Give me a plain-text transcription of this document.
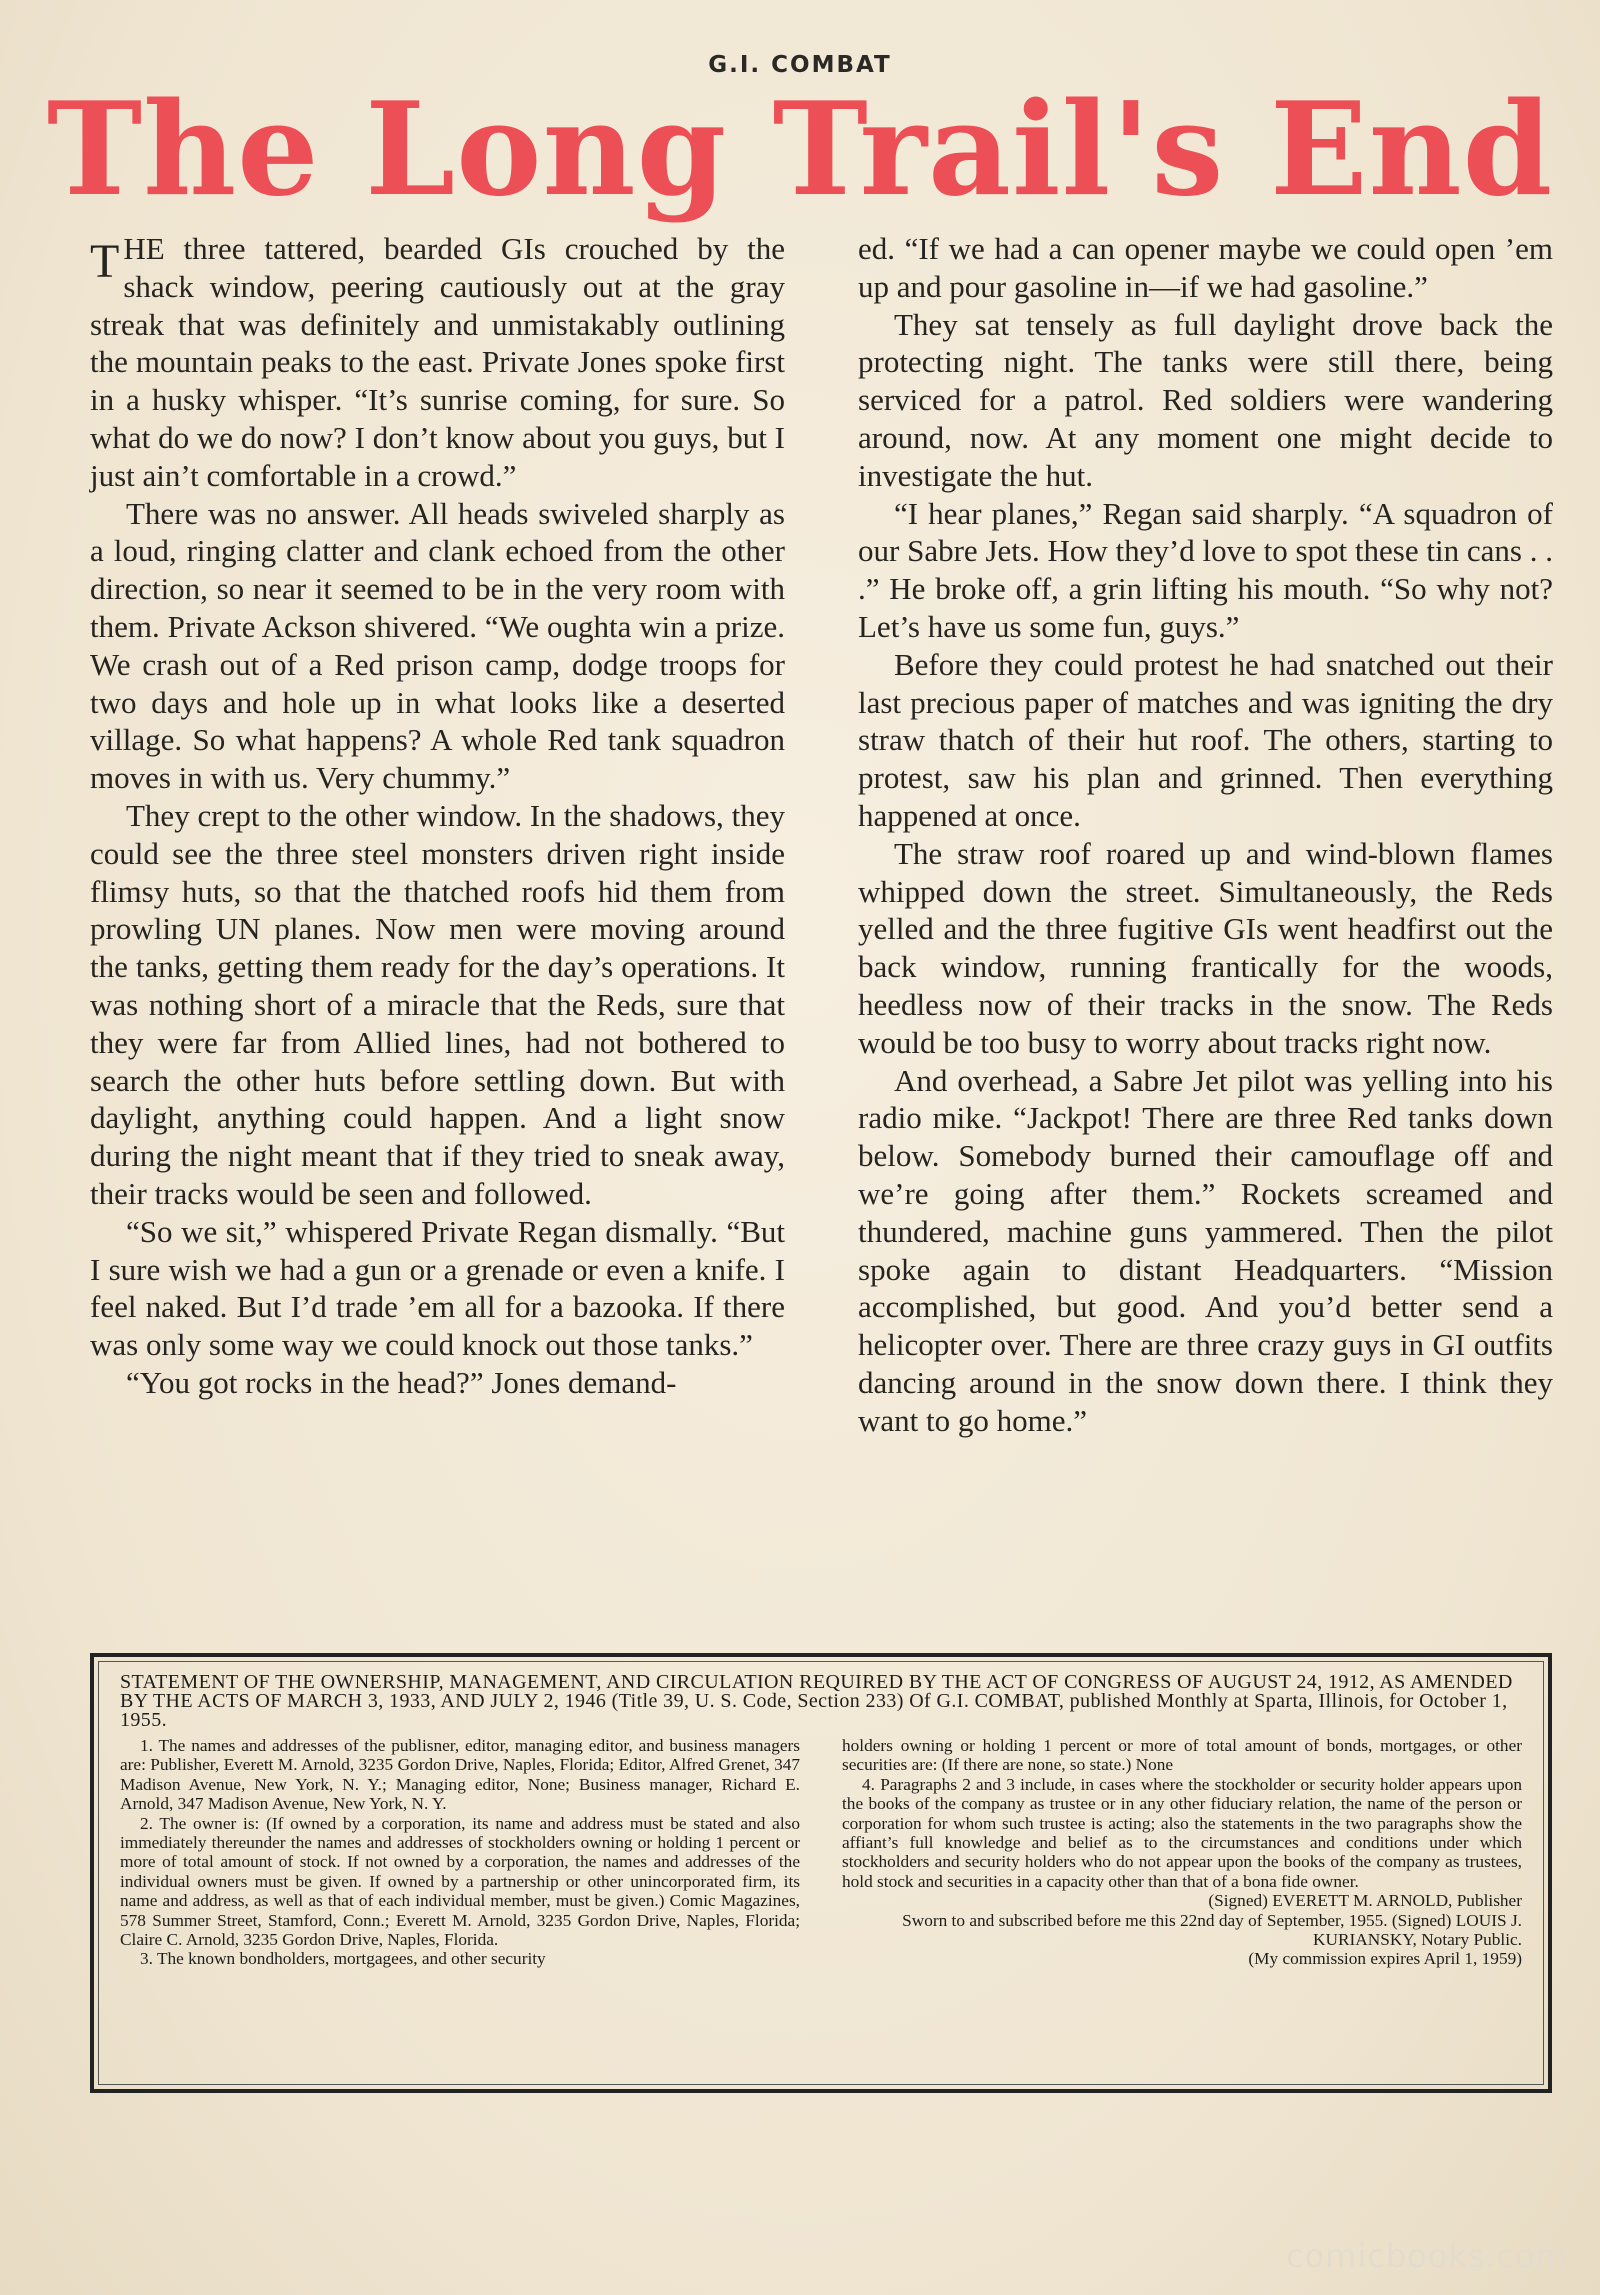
G.I. COMBAT
The Long Trail's End

THE three tattered, bearded GIs crouched by the shack window, peering cautiously out at the gray streak that was definitely and unmistakably outlining the mountain peaks to the east. Private Jones spoke first in a husky whisper. “It’s sunrise coming, for sure. So what do we do now? I don’t know about you guys, but I just ain’t comfortable in a crowd.”

There was no answer. All heads swiveled sharply as a loud, ringing clatter and clank echoed from the other direction, so near it seemed to be in the very room with them. Private Ackson shivered. “We oughta win a prize. We crash out of a Red prison camp, dodge troops for two days and hole up in what looks like a deserted village. So what happens? A whole Red tank squadron moves in with us. Very chummy.”

They crept to the other window. In the shadows, they could see the three steel monsters driven right inside flimsy huts, so that the thatched roofs hid them from prowling UN planes. Now men were moving around the tanks, getting them ready for the day’s operations. It was nothing short of a miracle that the Reds, sure that they were far from Allied lines, had not bothered to search the other huts before settling down. But with daylight, anything could happen. And a light snow during the night meant that if they tried to sneak away, their tracks would be seen and followed.

“So we sit,” whispered Private Regan dismally. “But I sure wish we had a gun or a grenade or even a knife. I feel naked. But I’d trade ’em all for a bazooka. If there was only some way we could knock out those tanks.”

“You got rocks in the head?” Jones demand-

ed. “If we had a can opener maybe we could open ’em up and pour gasoline in—if we had gasoline.”

They sat tensely as full daylight drove back the protecting night. The tanks were still there, being serviced for a patrol. Red soldiers were wandering around, now. At any moment one might decide to investigate the hut.

“I hear planes,” Regan said sharply. “A squadron of our Sabre Jets. How they’d love to spot these tin cans . . .” He broke off, a grin lifting his mouth. “So why not? Let’s have us some fun, guys.”

Before they could protest he had snatched out their last precious paper of matches and was igniting the dry straw thatch of their hut roof. The others, starting to protest, saw his plan and grinned. Then everything happened at once.

The straw roof roared up and wind-blown flames whipped down the street. Simultaneously, the Reds yelled and the three fugitive GIs went headfirst out the back window, running frantically for the woods, heedless now of their tracks in the snow. The Reds would be too busy to worry about tracks right now.

And overhead, a Sabre Jet pilot was yelling into his radio mike. “Jackpot! There are three Red tanks down below. Somebody burned their camouflage off and we’re going after them.” Rockets screamed and thundered, machine guns yammered. Then the pilot spoke again to distant Headquarters. “Mission accomplished, but good. And you’d better send a helicopter over. There are three crazy guys in GI outfits dancing around in the snow down there. I think they want to go home.”

STATEMENT OF THE OWNERSHIP, MANAGEMENT, AND CIRCULATION REQUIRED BY THE ACT OF CONGRESS OF AUGUST 24, 1912, AS AMENDED BY THE ACTS OF MARCH 3, 1933, AND JULY 2, 1946 (Title 39, U. S. Code, Section 233) Of G.I. COMBAT, published Monthly at Sparta, Illinois, for October 1, 1955.

1. The names and addresses of the publisner, editor, managing editor, and business managers are: Publisher, Everett M. Arnold, 3235 Gordon Drive, Naples, Florida; Editor, Alfred Grenet, 347 Madison Avenue, New York, N. Y.; Managing editor, None; Business manager, Richard E. Arnold, 347 Madison Avenue, New York, N. Y.

2. The owner is: (If owned by a corporation, its name and address must be stated and also immediately thereunder the names and addresses of stockholders owning or holding 1 percent or more of total amount of stock. If not owned by a corporation, the names and addresses of the individual owners must be given. If owned by a partnership or other unincorporated firm, its name and address, as well as that of each individual member, must be given.) Comic Magazines, 578 Summer Street, Stamford, Conn.; Everett M. Arnold, 3235 Gordon Drive, Naples, Florida; Claire C. Arnold, 3235 Gordon Drive, Naples, Florida.

3. The known bondholders, mortgagees, and other security

holders owning or holding 1 percent or more of total amount of bonds, mortgages, or other securities are: (If there are none, so state.) None

4. Paragraphs 2 and 3 include, in cases where the stockholder or security holder appears upon the books of the company as trustee or in any other fiduciary relation, the name of the person or corporation for whom such trustee is acting; also the statements in the two paragraphs show the affiant’s full knowledge and belief as to the circumstances and conditions under which stockholders and security holders who do not appear upon the books of the company as trustees, hold stock and securities in a capacity other than that of a bona fide owner.

(Signed) EVERETT M. ARNOLD, Publisher

Sworn to and subscribed before me this 22nd day of September, 1955. (Signed) LOUIS J. KURIANSKY, Notary Public.

(My commission expires April 1, 1959)

comicbooks.com
